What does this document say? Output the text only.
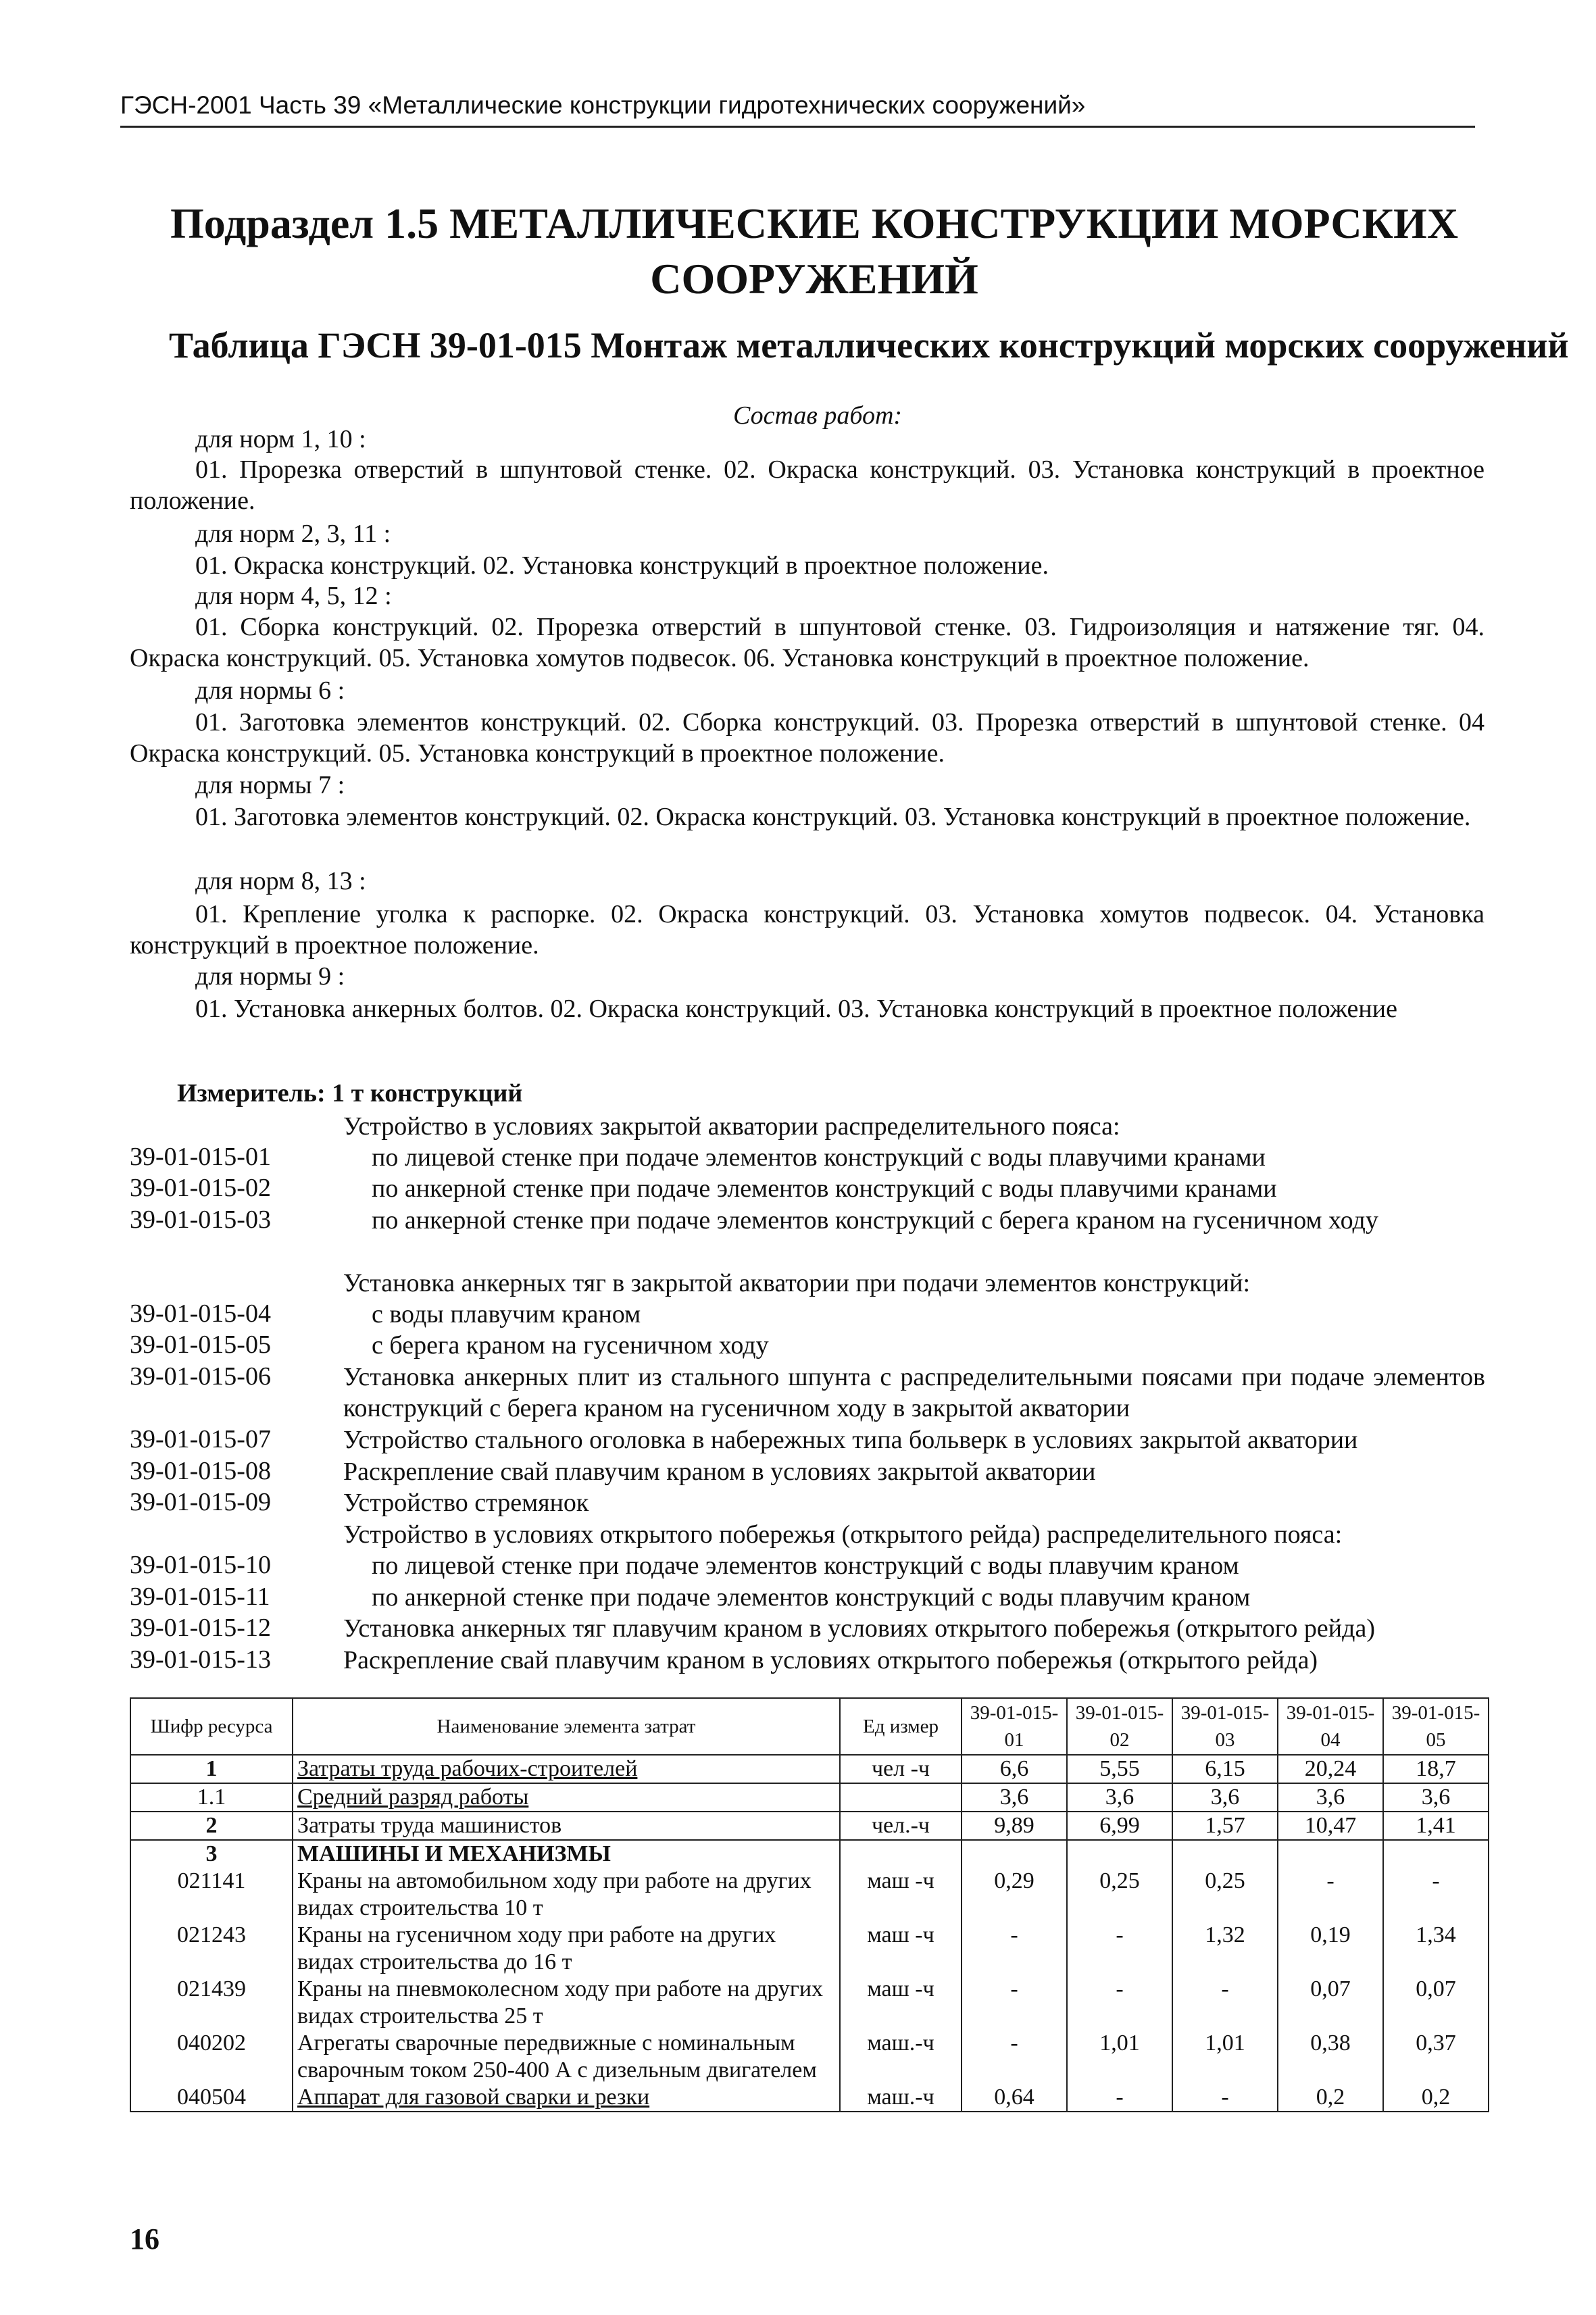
ГЭСН-2001 Часть 39 «Металлические конструкции гидротехнических сооружений»
Подраздел 1.5 МЕТАЛЛИЧЕСКИЕ КОНСТРУКЦИИ МОРСКИХ
СООРУЖЕНИЙ
Таблица ГЭСН 39-01-015 Монтаж металлических конструкций морских сооружений
Состав работ:
для норм 1, 10 :

01. Прорезка отверстий в шпунтовой стенке. 02. Окраска конструкций. 03. Установка конструкций в проектное положение.

для норм 2, 3, 11 :

01. Окраска конструкций. 02. Установка конструкций в проектное положение.

для норм 4, 5, 12 :

01. Сборка конструкций. 02. Прорезка отверстий в шпунтовой стенке. 03. Гидроизоляция и натяжение тяг. 04. Окраска конструкций. 05. Установка хомутов подвесок. 06. Установка конструкций в проектное положение.

для нормы 6 :

01. Заготовка элементов конструкций. 02. Сборка конструкций. 03. Прорезка отверстий в шпунтовой стенке. 04 Окраска конструкций. 05. Установка конструкций в проектное положение.

для нормы 7 :

01. Заготовка элементов конструкций. 02. Окраска конструкций. 03. Установка конструкций в проектное положение.

для норм 8, 13 :

01. Крепление уголка к распорке. 02. Окраска конструкций. 03. Установка хомутов подвесок. 04. Установка конструкций в проектное положение.

для нормы 9 :

01. Установка анкерных болтов. 02. Окраска конструкций. 03. Установка конструкций в проектное положение

Измеритель: 1 т конструкций

Устройство в условиях закрытой акватории распределительного пояса:

39-01-015-01	по лицевой стенке при подаче элементов конструкций с воды плавучими кранами

39-01-015-02	по анкерной стенке при подаче элементов конструкций с воды плавучими кранами

39-01-015-03	по анкерной стенке при подаче элементов конструкций с берега краном на гусеничном ходу

Установка анкерных тяг в закрытой акватории при подачи элементов конструкций:

39-01-015-04	с воды плавучим краном

39-01-015-05	с берега краном на гусеничном ходу

39-01-015-06	Установка анкерных плит из стального шпунта с распределительными поясами при подаче элементов конструкций с берега краном на гусеничном ходу в закрытой акватории

39-01-015-07	Устройство стального оголовка в набережных типа больверк в условиях закрытой акватории

39-01-015-08	Раскрепление свай плавучим краном в условиях закрытой акватории

39-01-015-09	Устройство стремянок

Устройство в условиях открытого побережья (открытого рейда) распределительного пояса:

39-01-015-10	по лицевой стенке при подаче элементов конструкций с воды плавучим краном

39-01-015-11	по анкерной стенке при подаче элементов конструкций с воды плавучим краном

39-01-015-12	Установка анкерных тяг плавучим краном в условиях открытого побережья (открытого рейда)

39-01-015-13	Раскрепление свай плавучим краном в условиях открытого побережья (открытого рейда)

Шифр ресурса	Наименование элемента затрат	Ед измер	39-01-015-01	39-01-015-02	39-01-015-03	39-01-015-04	39-01-015-05
1	Затраты труда рабочих-строителей	чел -ч	6,6	5,55	6,15	20,24	18,7
1.1	Средний разряд работы		3,6	3,6	3,6	3,6	3,6
2	Затраты труда машинистов	чел.-ч	9,89	6,99	1,57	10,47	1,41
3	МАШИНЫ И МЕХАНИЗМЫ						
021141	Краны на автомобильном ходу при работе на других видах строительства 10 т	маш -ч	0,29	0,25	0,25	-	-
021243	Краны на гусеничном ходу при работе на других видах строительства до 16 т	маш -ч	-	-	1,32	0,19	1,34
021439	Краны на пневмоколесном ходу при работе на других видах строительства 25 т	маш -ч	-	-	-	0,07	0,07
040202	Агрегаты сварочные передвижные с номинальным сварочным током 250-400 А с дизельным двигателем	маш.-ч	-	1,01	1,01	0,38	0,37
040504	Аппарат для газовой сварки и резки	маш.-ч	0,64	-	-	0,2	0,2
16
